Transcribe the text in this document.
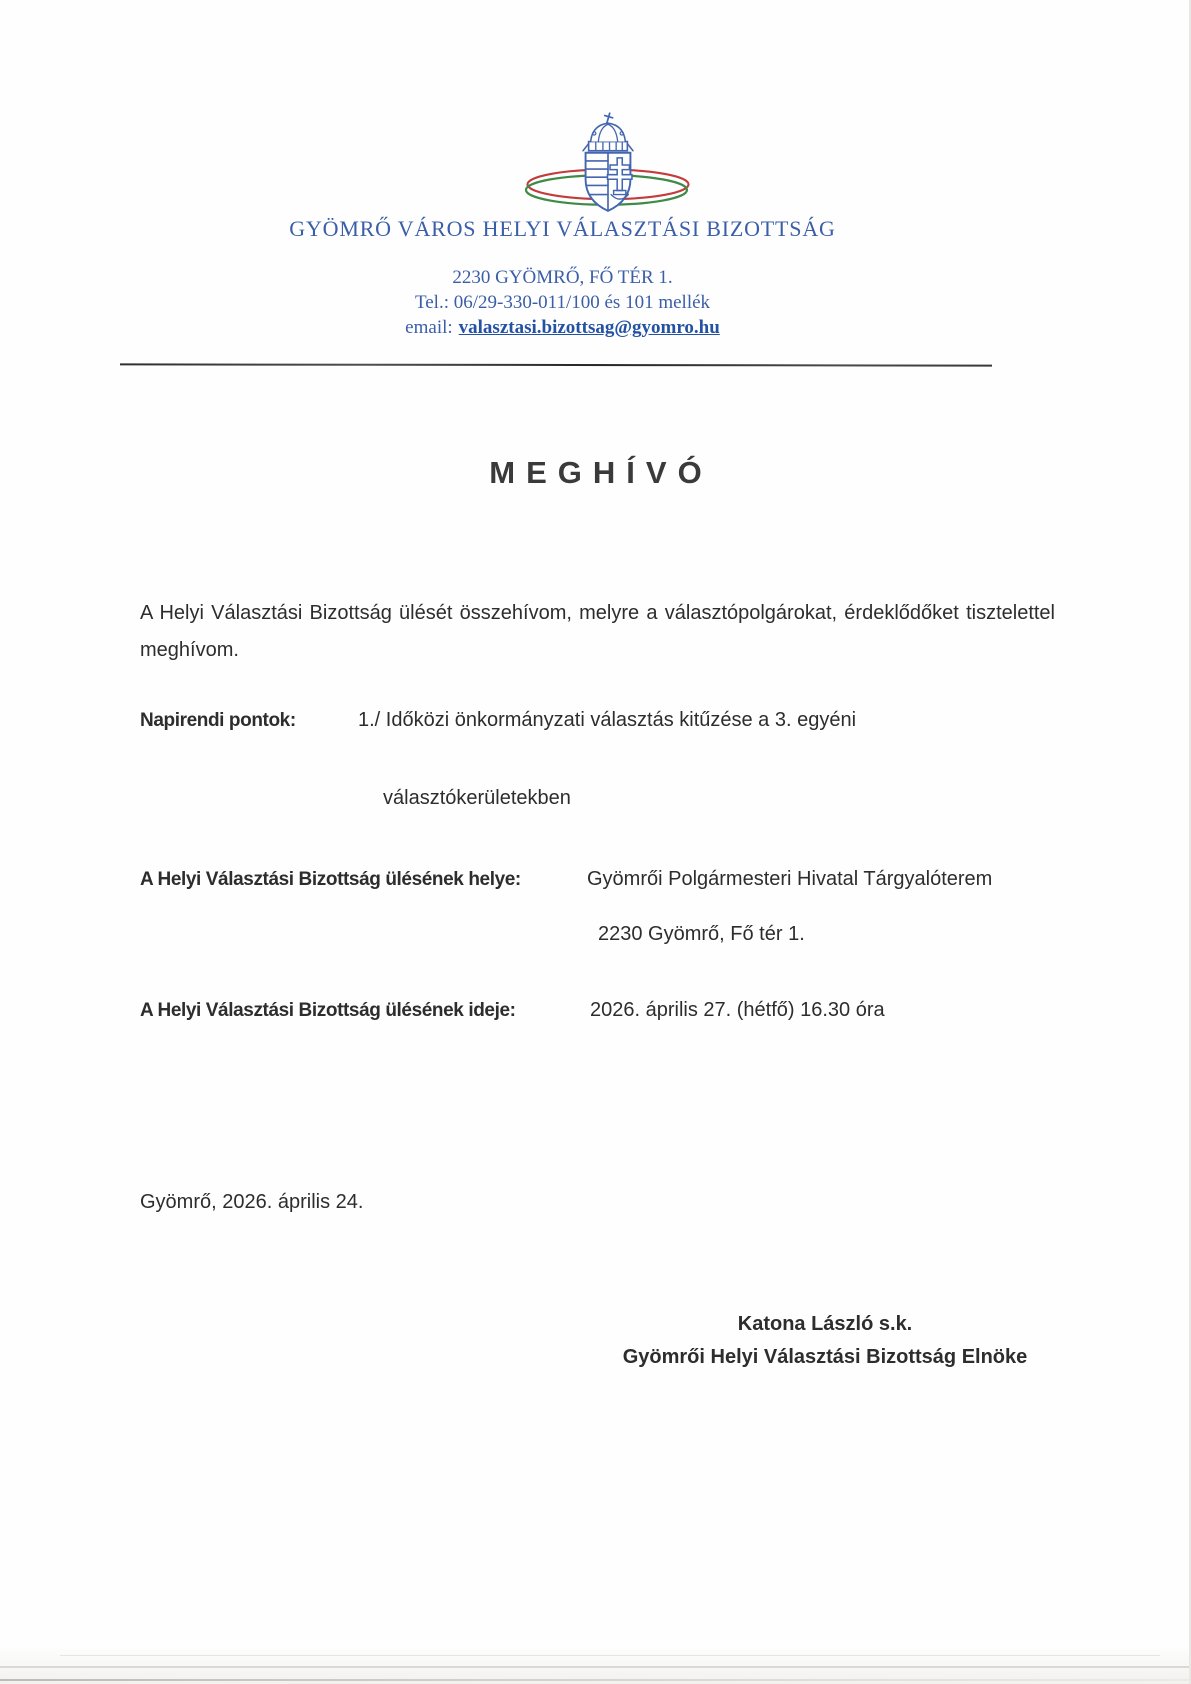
GYÖMRŐ VÁROS HELYI VÁLASZTÁSI BIZOTTSÁG
2230 GYÖMRŐ, FŐ TÉR 1.
Tel.: 06/29-330-011/100 és 101 mellék
email: valasztasi.bizottsag@gyomro.hu
MEGHÍVÓ

A Helyi Választási Bizottság ülését összehívom, melyre a választópolgárokat, érdeklődőket tisztelettel meghívom.

Napirendi pontok:	1./ Időközi önkormányzati választás kitűzése a 3. egyéni
választókerületekben
A Helyi Választási Bizottság ülésének helye:	Gyömrői Polgármesteri Hivatal Tárgyalóterem
2230 Gyömrő, Fő tér 1.
A Helyi Választási Bizottság ülésének ideje:	2026. április 27. (hétfő) 16.30 óra
Gyömrő, 2026. április 24.
Katona László s.k.
Gyömrői Helyi Választási Bizottság Elnöke
